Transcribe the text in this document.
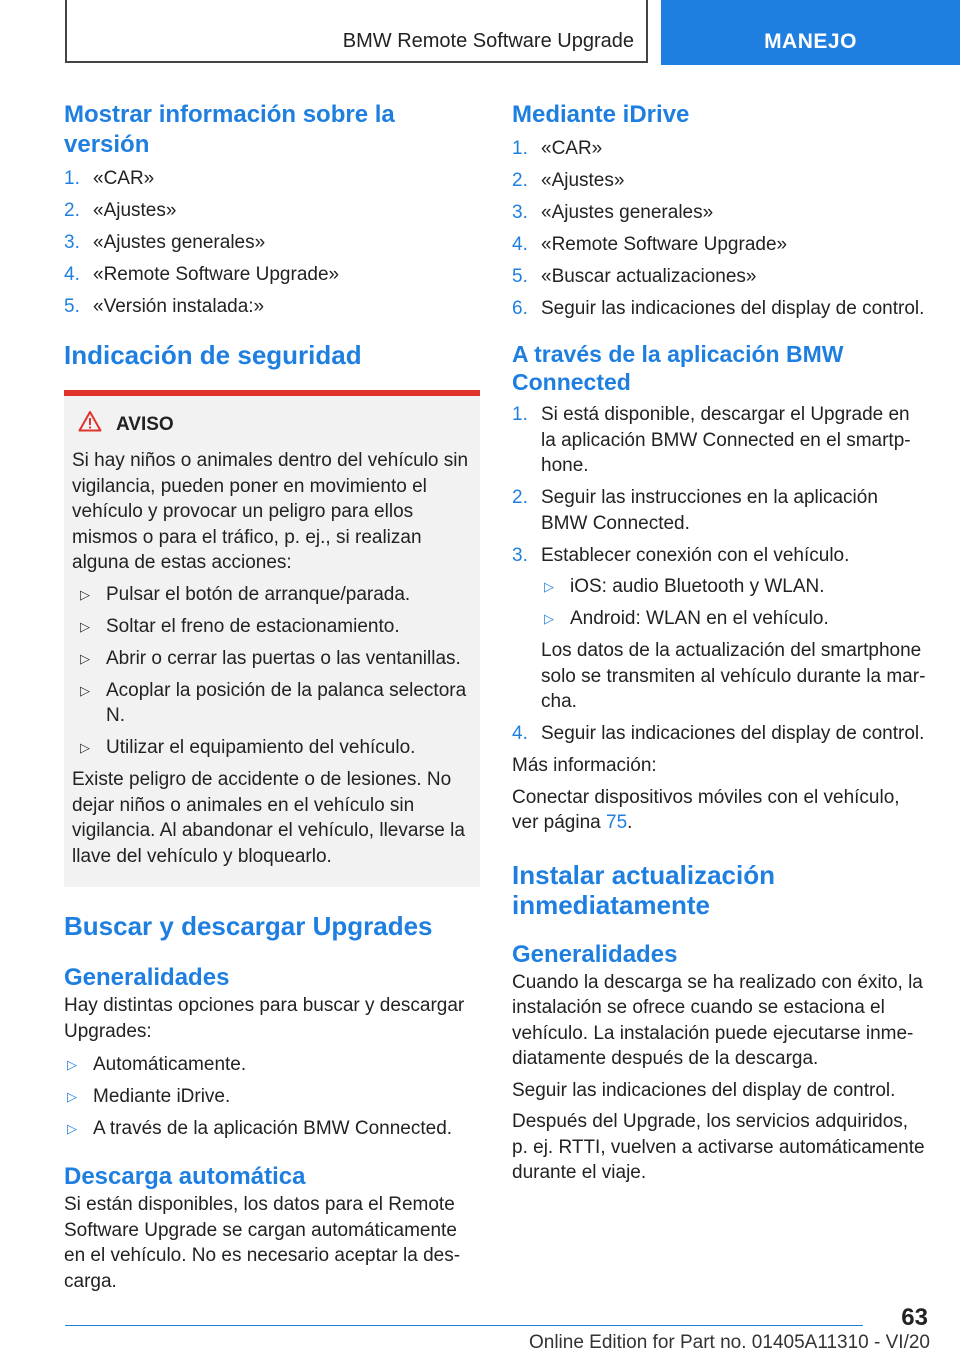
BMW Remote Software Upgrade	MANEJO
Mostrar información sobre la versión
1. «CAR»
2. «Ajustes»
3. «Ajustes generales»
4. «Remote Software Upgrade»
5. «Versión instalada:»
Indicación de seguridad
AVISO

Si hay niños o animales dentro del vehículo sin vigilancia, pueden poner en movimiento el vehículo y provocar un peligro para ellos mismos o para el tráfico, p. ej., si realizan alguna de estas acciones:

▷ Pulsar el botón de arranque/parada.
▷ Soltar el freno de estacionamiento.
▷ Abrir o cerrar las puertas o las ventanillas.
▷ Acoplar la posición de la palanca selectora N.
▷ Utilizar el equipamiento del vehículo.

Existe peligro de accidente o de lesiones. No dejar niños o animales en el vehículo sin vigilancia. Al abandonar el vehículo, llevarse la llave del vehículo y bloquearlo.

Buscar y descargar Upgrades
Generalidades

Hay distintas opciones para buscar y descargar Upgrades:

▷ Automáticamente.
▷ Mediante iDrive.
▷ A través de la aplicación BMW Connected.
Descarga automática

Si están disponibles, los datos para el Remote Software Upgrade se cargan automáticamente en el vehículo. No es necesario aceptar la descarga.

Mediante iDrive
1. «CAR»
2. «Ajustes»
3. «Ajustes generales»
4. «Remote Software Upgrade»
5. «Buscar actualizaciones»
6. Seguir las indicaciones del display de control.
A través de la aplicación BMW Connected
1. Si está disponible, descargar el Upgrade en la aplicación BMW Connected en el smartphone.
2. Seguir las instrucciones en la aplicación BMW Connected.
3. Establecer conexión con el vehículo.
▷ iOS: audio Bluetooth y WLAN.
▷ Android: WLAN en el vehículo.

Los datos de la actualización del smartphone solo se transmiten al vehículo durante la marcha.

4. Seguir las indicaciones del display de control.

Más información:

Conectar dispositivos móviles con el vehículo, ver página 75.

Instalar actualización inmediatamente
Generalidades

Cuando la descarga se ha realizado con éxito, la instalación se ofrece cuando se estaciona el vehículo. La instalación puede ejecutarse inmediatamente después de la descarga.

Seguir las indicaciones del display de control.

Después del Upgrade, los servicios adquiridos, p. ej. RTTI, vuelven a activarse automáticamente durante el viaje.

63
Online Edition for Part no. 01405A11310 - VI/20
